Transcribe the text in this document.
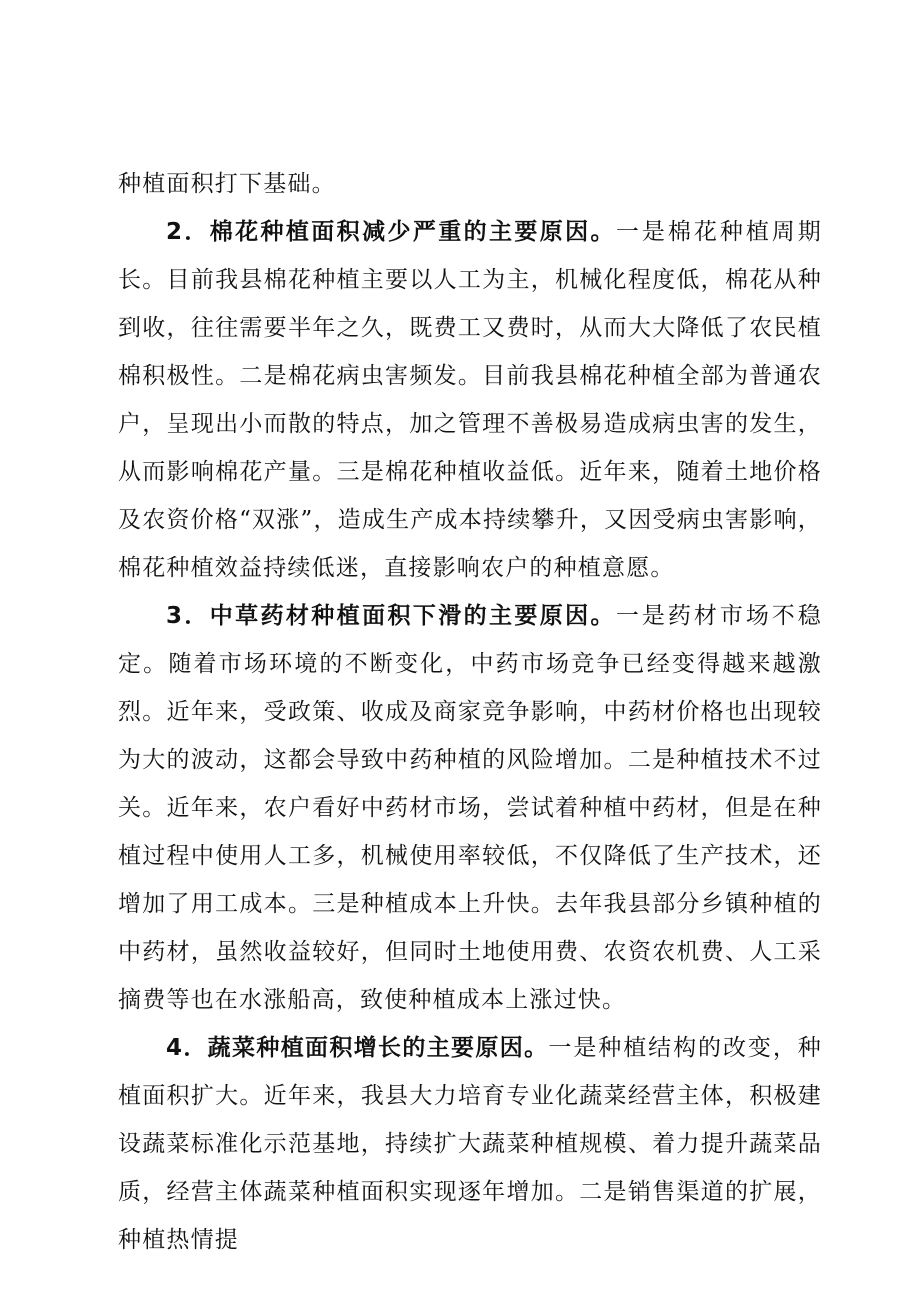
种植面积打下基础。

2．棉花种植面积减少严重的主要原因。一是棉花种植周期长。目前我县棉花种植主要以人工为主，机械化程度低，棉花从种到收，往往需要半年之久，既费工又费时，从而大大降低了农民植棉积极性。二是棉花病虫害频发。目前我县棉花种植全部为普通农户，呈现出小而散的特点，加之管理不善极易造成病虫害的发生，从而影响棉花产量。三是棉花种植收益低。近年来，随着土地价格及农资价格“双涨”，造成生产成本持续攀升，又因受病虫害影响，棉花种植效益持续低迷，直接影响农户的种植意愿。

3．中草药材种植面积下滑的主要原因。一是药材市场不稳定。随着市场环境的不断变化，中药市场竞争已经变得越来越激烈。近年来，受政策、收成及商家竞争影响，中药材价格也出现较为大的波动，这都会导致中药种植的风险增加。二是种植技术不过关。近年来，农户看好中药材市场，尝试着种植中药材，但是在种植过程中使用人工多，机械使用率较低，不仅降低了生产技术，还增加了用工成本。三是种植成本上升快。去年我县部分乡镇种植的中药材，虽然收益较好，但同时土地使用费、农资农机费、人工采摘费等也在水涨船高，致使种植成本上涨过快。

4．蔬菜种植面积增长的主要原因。一是种植结构的改变，种植面积扩大。近年来，我县大力培育专业化蔬菜经营主体，积极建设蔬菜标准化示范基地，持续扩大蔬菜种植规模、着力提升蔬菜品质，经营主体蔬菜种植面积实现逐年增加。二是销售渠道的扩展，种植热情提
